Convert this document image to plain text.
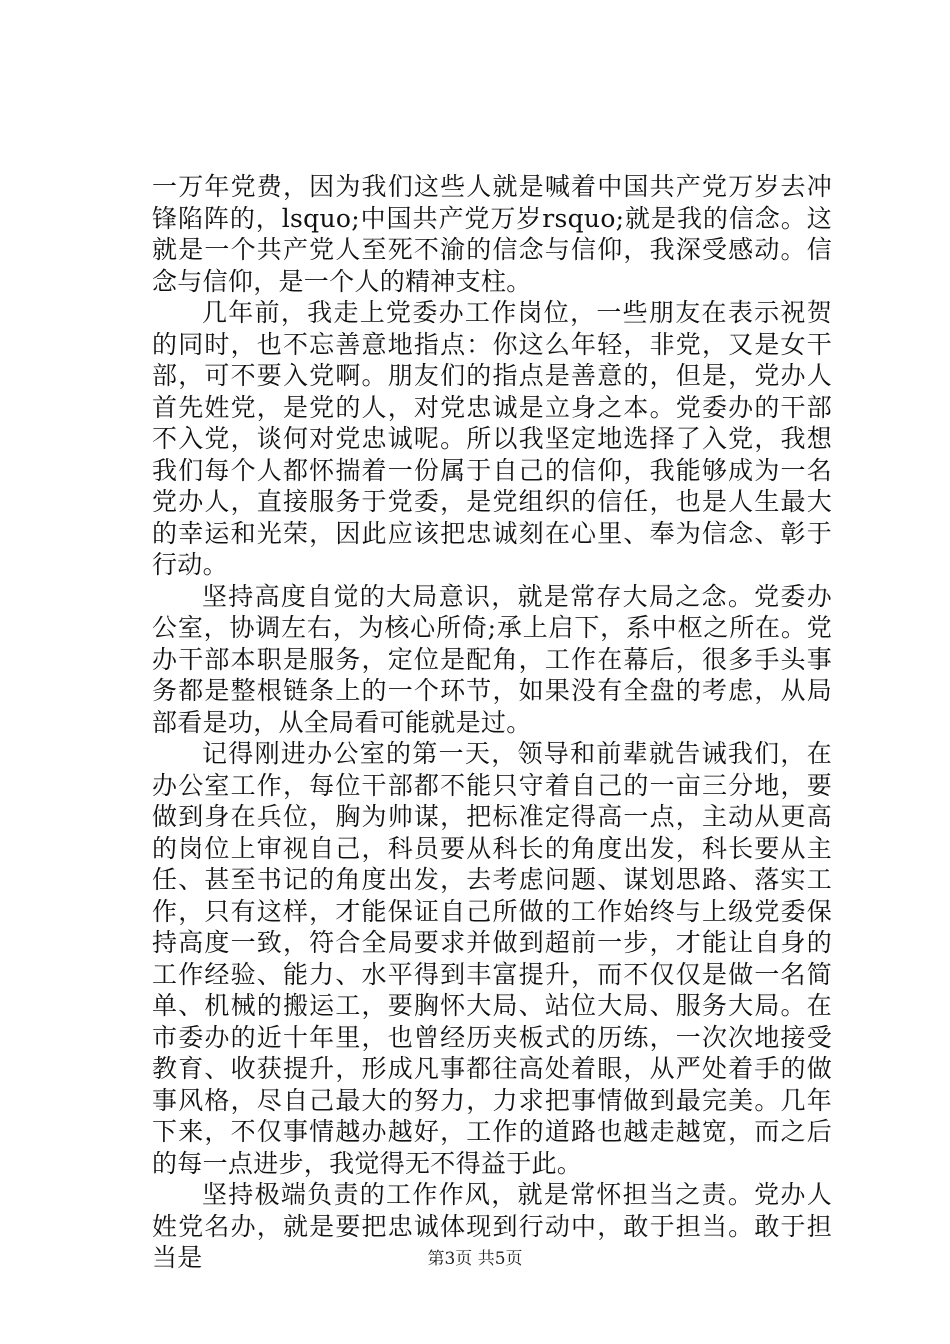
一万年党费，因为我们这些人就是喊着中国共产党万岁去冲锋陷阵的，lsquo;中国共产党万岁rsquo;就是我的信念。这就是一个共产党人至死不渝的信念与信仰，我深受感动。信念与信仰，是一个人的精神支柱。

几年前，我走上党委办工作岗位，一些朋友在表示祝贺的同时，也不忘善意地指点：你这么年轻，非党，又是女干部，可不要入党啊。朋友们的指点是善意的，但是，党办人首先姓党，是党的人，对党忠诚是立身之本。党委办的干部不入党，谈何对党忠诚呢。所以我坚定地选择了入党，我想我们每个人都怀揣着一份属于自己的信仰，我能够成为一名党办人，直接服务于党委，是党组织的信任，也是人生最大的幸运和光荣，因此应该把忠诚刻在心里、奉为信念、彰于行动。

坚持高度自觉的大局意识，就是常存大局之念。党委办公室，协调左右，为核心所倚;承上启下，系中枢之所在。党办干部本职是服务，定位是配角，工作在幕后，很多手头事务都是整根链条上的一个环节，如果没有全盘的考虑，从局部看是功，从全局看可能就是过。

记得刚进办公室的第一天，领导和前辈就告诫我们，在办公室工作，每位干部都不能只守着自己的一亩三分地，要做到身在兵位，胸为帅谋，把标准定得高一点，主动从更高的岗位上审视自己，科员要从科长的角度出发，科长要从主任、甚至书记的角度出发，去考虑问题、谋划思路、落实工作，只有这样，才能保证自己所做的工作始终与上级党委保持高度一致，符合全局要求并做到超前一步，才能让自身的工作经验、能力、水平得到丰富提升，而不仅仅是做一名简单、机械的搬运工，要胸怀大局、站位大局、服务大局。在市委办的近十年里，也曾经历夹板式的历练，一次次地接受教育、收获提升，形成凡事都往高处着眼，从严处着手的做事风格，尽自己最大的努力，力求把事情做到最完美。几年下来，不仅事情越办越好，工作的道路也越走越宽，而之后的每一点进步，我觉得无不得益于此。

坚持极端负责的工作作风，就是常怀担当之责。党办人姓党名办，就是要把忠诚体现到行动中，敢于担当。敢于担当是	第3页 共5页
